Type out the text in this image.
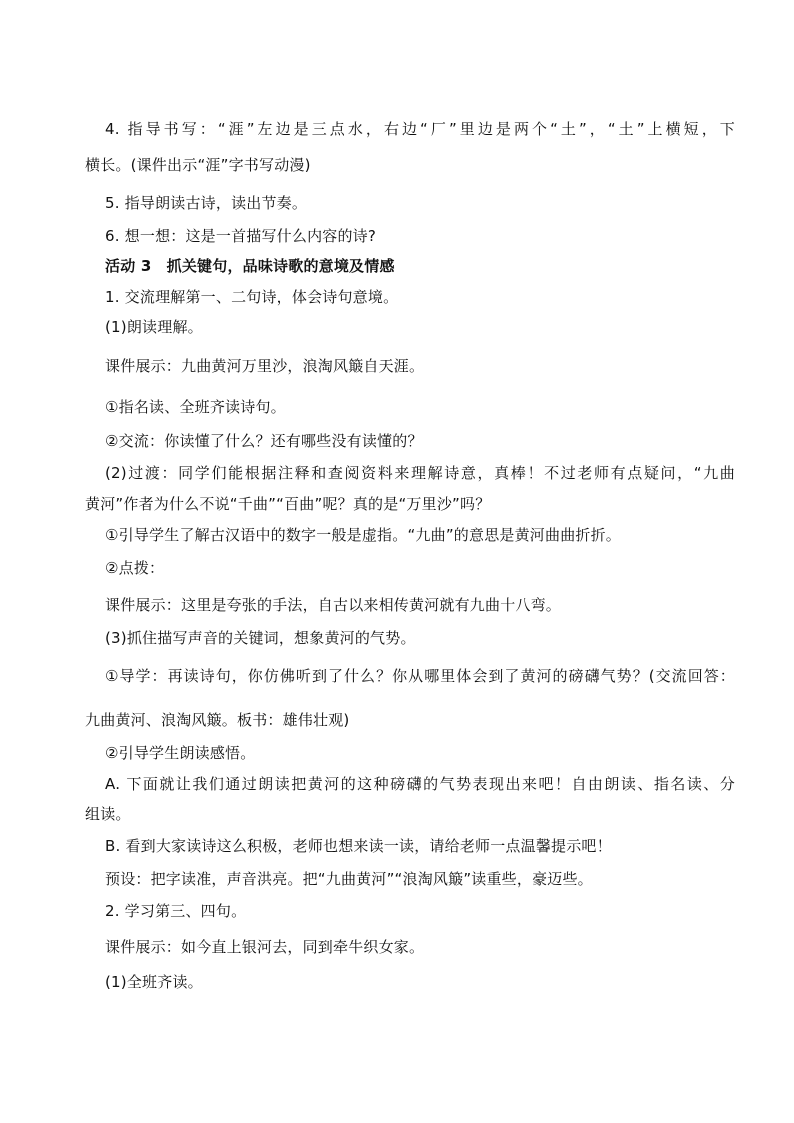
4. 指导书写：“涯”左边是三点水，右边“厂”里边是两个“土”，“土”上横短，下
横长。(课件出示“涯”字书写动漫)
5. 指导朗读古诗，读出节奏。
6. 想一想：这是一首描写什么内容的诗?
活动 3　抓关键句，品味诗歌的意境及情感
1. 交流理解第一、二句诗，体会诗句意境。
(1)朗读理解。
课件展示：九曲黄河万里沙，浪淘风簸自天涯。
①指名读、全班齐读诗句。
②交流：你读懂了什么？还有哪些没有读懂的？
(2)过渡：同学们能根据注释和查阅资料来理解诗意，真棒！不过老师有点疑问，“九曲
黄河”作者为什么不说“千曲”“百曲”呢？真的是“万里沙”吗？
①引导学生了解古汉语中的数字一般是虚指。“九曲”的意思是黄河曲曲折折。
②点拨：
课件展示：这里是夸张的手法，自古以来相传黄河就有九曲十八弯。
(3)抓住描写声音的关键词，想象黄河的气势。
①导学：再读诗句，你仿佛听到了什么？你从哪里体会到了黄河的磅礴气势？(交流回答：
九曲黄河、浪淘风簸。板书：雄伟壮观)
②引导学生朗读感悟。
A. 下面就让我们通过朗读把黄河的这种磅礴的气势表现出来吧！自由朗读、指名读、分
组读。
B. 看到大家读诗这么积极，老师也想来读一读，请给老师一点温馨提示吧！
预设：把字读准，声音洪亮。把“九曲黄河”“浪淘风簸”读重些，豪迈些。
2. 学习第三、四句。
课件展示：如今直上银河去，同到牵牛织女家。
(1)全班齐读。
